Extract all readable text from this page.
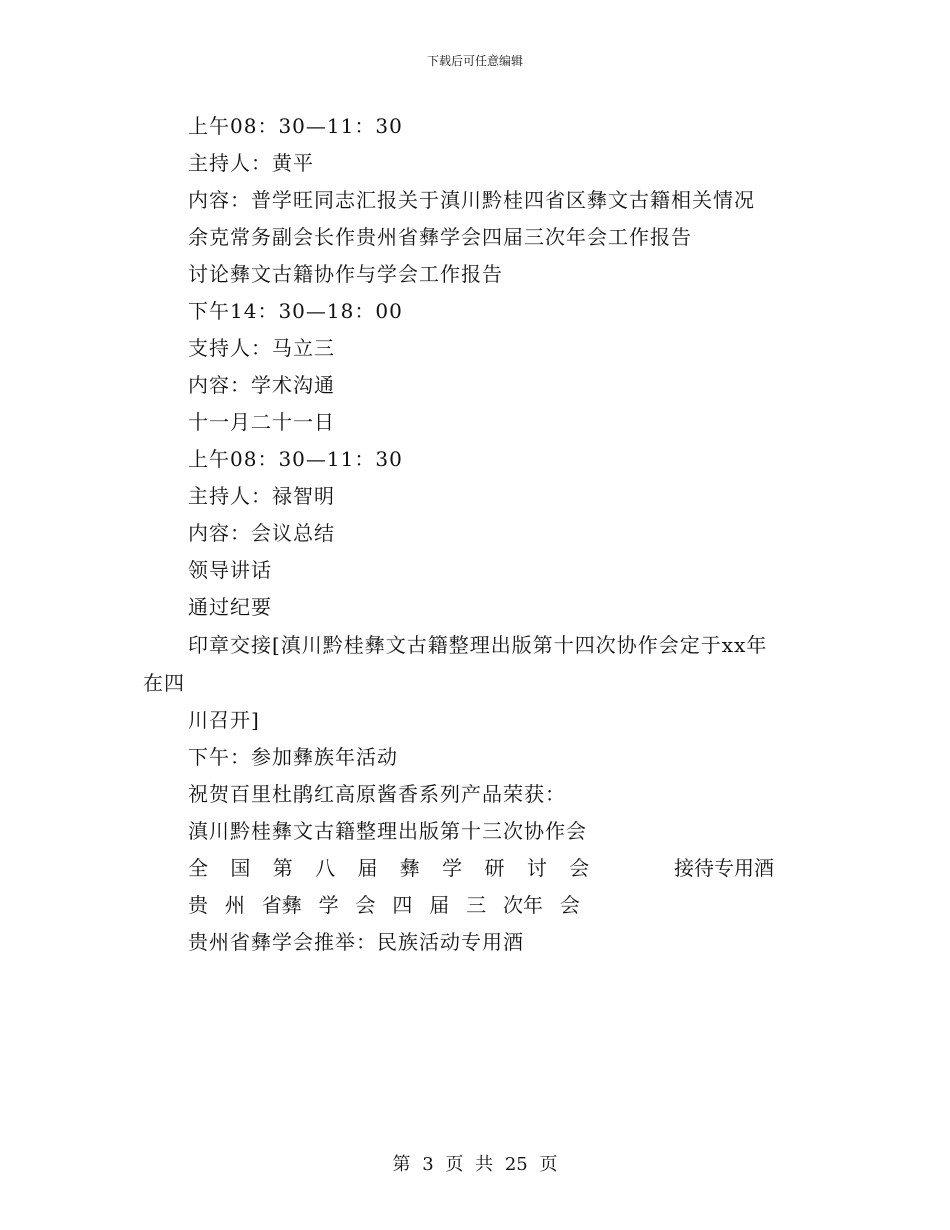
下载后可任意编辑
上午08：30—11：30
主持人：黄平
内容：普学旺同志汇报关于滇川黔桂四省区彝文古籍相关情况
余克常务副会长作贵州省彝学会四届三次年会工作报告
讨论彝文古籍协作与学会工作报告
下午14：30—18：00
支持人：马立三
内容：学术沟通
十一月二十一日
上午08：30—11：30
主持人：禄智明
内容：会议总结
领导讲话
通过纪要
印章交接[滇川黔桂彝文古籍整理出版第十四次协作会定于xx年
在四
川召开]
下午：参加彝族年活动
祝贺百里杜鹃红高原酱香系列产品荣获：
滇川黔桂彝文古籍整理出版第十三次协作会
全 国 第 八 届 彝 学 研 讨 会	接待专用酒
贵 州 省彝 学 会 四 届 三 次年 会
贵州省彝学会推举：民族活动专用酒
第 3 页 共 25 页
